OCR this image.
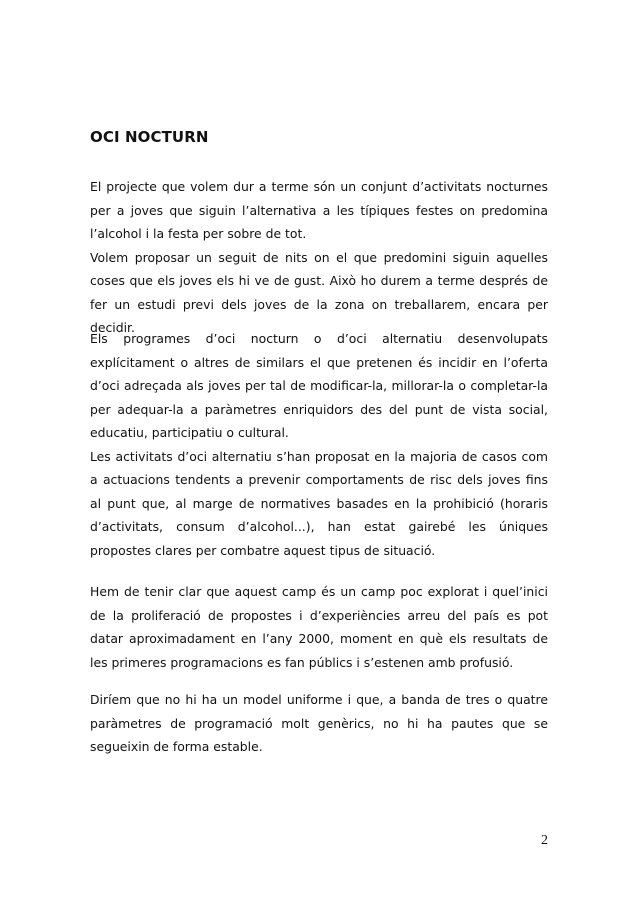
OCI NOCTURN

El projecte que volem dur a terme són un conjunt d’activitats nocturnes per a joves que siguin l’alternativa a les típiques festes on predomina l’alcohol i la festa per sobre de tot.
Volem proposar un seguit de nits on el que predomini siguin aquelles coses que els joves els hi ve de gust. Això ho durem a terme després de fer un estudi previ dels joves de la zona on treballarem, encara per decidir.

Els programes d’oci nocturn o d’oci alternatiu desenvolupats explícitament o altres de similars el que pretenen és incidir en l’oferta d’oci adreçada als joves per tal de modificar-la, millorar-la o completar-la per adequar-la a paràmetres enriquidors des del punt de vista social, educatiu, participatiu o cultural.
Les activitats d’oci alternatiu s’han proposat en la majoria de casos com a actuacions tendents a prevenir comportaments de risc dels joves fins al punt que, al marge de normatives basades en la prohibició (horaris d’activitats, consum d’alcohol...), han estat gairebé les úniques propostes clares per combatre aquest tipus de situació.

Hem de tenir clar que aquest camp és un camp poc explorat i quel’inici de la proliferació de propostes i d’experiències arreu del país es pot datar aproximadament en l’any 2000, moment en què els resultats de les primeres programacions es fan públics i s’estenen amb profusió.

Diríem que no hi ha un model uniforme i que, a banda de tres o quatre paràmetres de programació molt genèrics, no hi ha pautes que se segueixin de forma estable.

2
